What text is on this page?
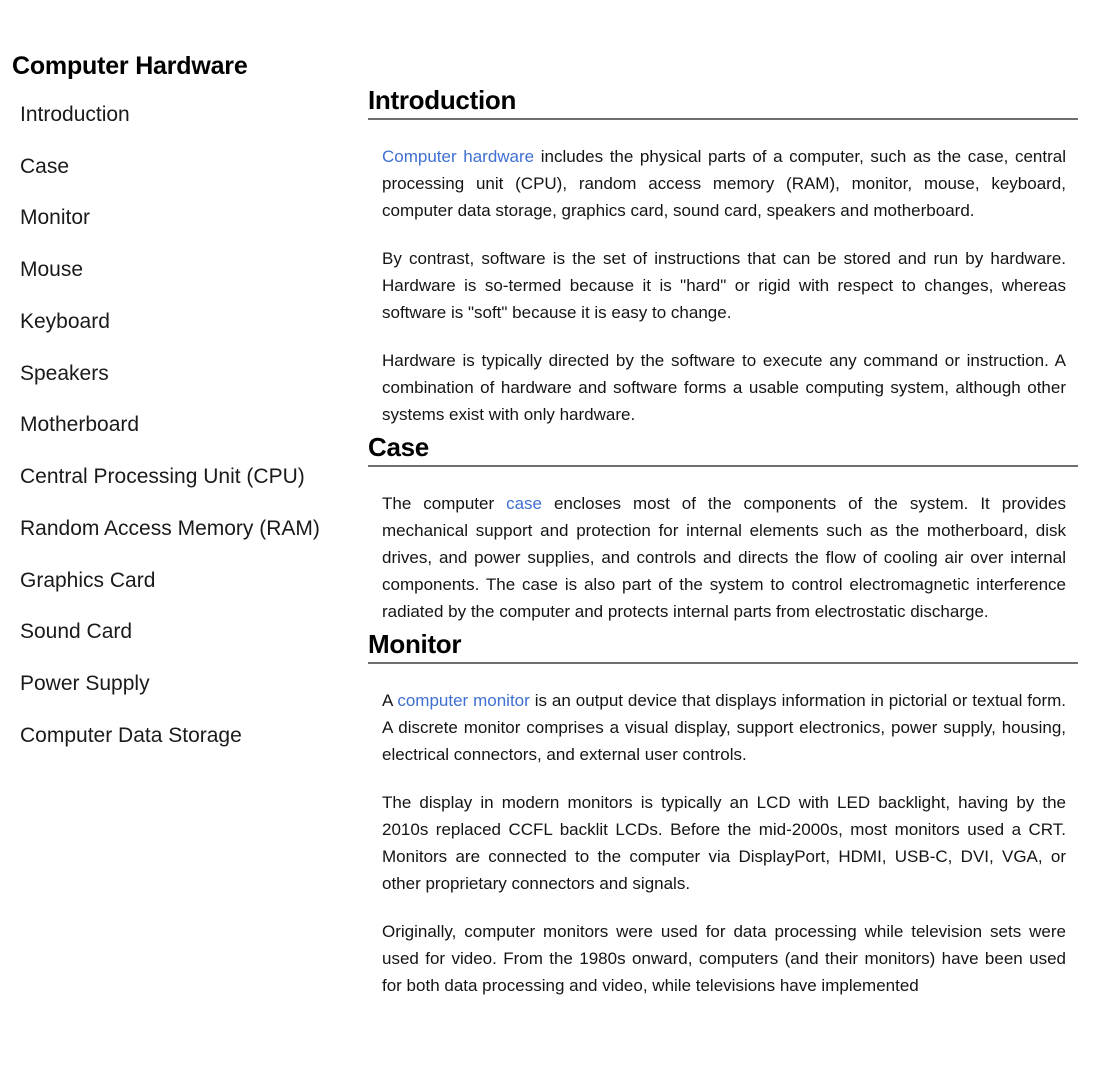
Computer Hardware
Introduction
Case
Monitor
Mouse
Keyboard
Speakers
Motherboard
Central Processing Unit (CPU)
Random Access Memory (RAM)
Graphics Card
Sound Card
Power Supply
Computer Data Storage
Introduction

Computer hardware includes the physical parts of a computer, such as the case, central processing unit (CPU), random access memory (RAM), monitor, mouse, keyboard, computer data storage, graphics card, sound card, speakers and motherboard.

By contrast, software is the set of instructions that can be stored and run by hardware. Hardware is so-termed because it is "hard" or rigid with respect to changes, whereas software is "soft" because it is easy to change.

Hardware is typically directed by the software to execute any command or instruction. A combination of hardware and software forms a usable computing system, although other systems exist with only hardware.

Case

The computer case encloses most of the components of the system. It provides mechanical support and protection for internal elements such as the motherboard, disk drives, and power supplies, and controls and directs the flow of cooling air over internal components. The case is also part of the system to control electromagnetic interference radiated by the computer and protects internal parts from electrostatic discharge.

Monitor

A computer monitor is an output device that displays information in pictorial or textual form. A discrete monitor comprises a visual display, support electronics, power supply, housing, electrical connectors, and external user controls.

The display in modern monitors is typically an LCD with LED backlight, having by the 2010s replaced CCFL backlit LCDs. Before the mid-2000s, most monitors used a CRT. Monitors are connected to the computer via DisplayPort, HDMI, USB-C, DVI, VGA, or other proprietary connectors and signals.

Originally, computer monitors were used for data processing while television sets were used for video. From the 1980s onward, computers (and their monitors) have been used for both data processing and video, while televisions have implemented
